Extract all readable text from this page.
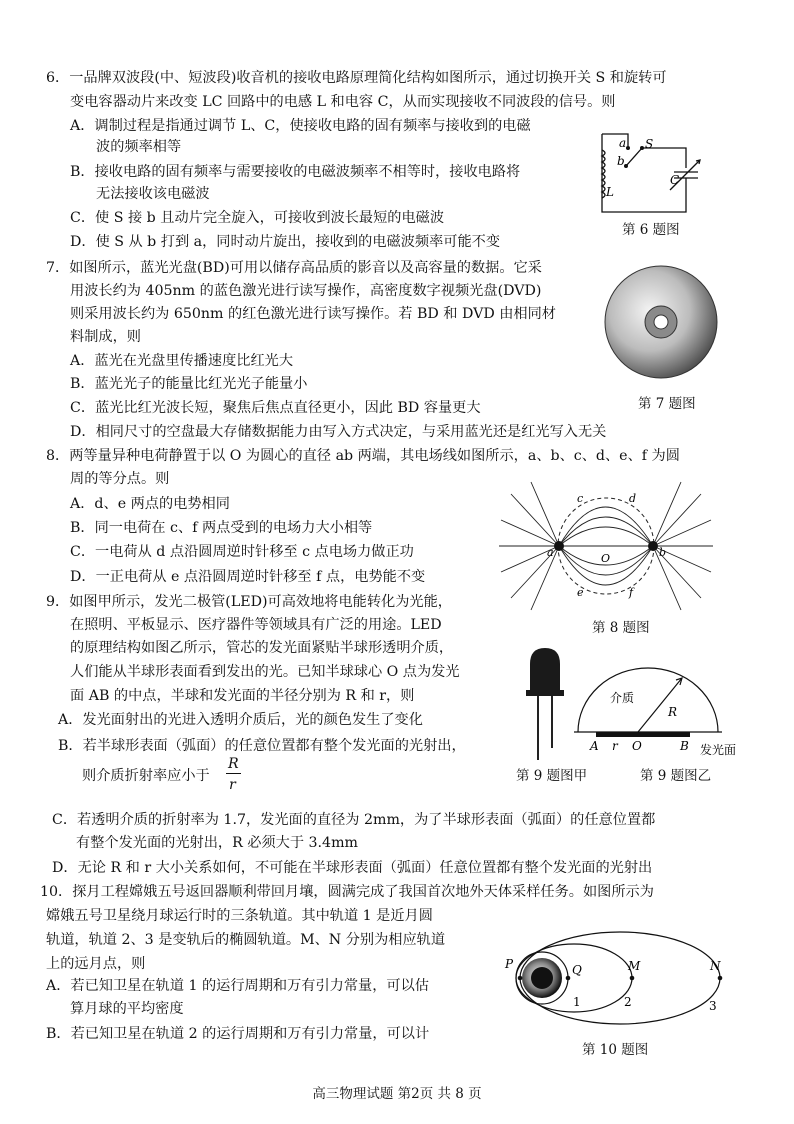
6．一品牌双波段(中、短波段)收音机的接收电路原理简化结构如图所示，通过切换开关 S 和旋转可
变电容器动片来改变 LC 回路中的电感 L 和电容 C，从而实现接收不同波段的信号。则
A．调制过程是指通过调节 L、C，使接收电路的固有频率与接收到的电磁
波的频率相等
B．接收电路的固有频率与需要接收的电磁波频率不相等时，接收电路将
无法接收该电磁波
C．使 S 接 b 且动片完全旋入，可接收到波长最短的电磁波
D．使 S 从 b 打到 a，同时动片旋出，接收到的电磁波频率可能不变
a
b
S
C
L
第 6 题图
7．如图所示，蓝光光盘(BD)可用以储存高品质的影音以及高容量的数据。它采
用波长约为 405nm 的蓝色激光进行读写操作，高密度数字视频光盘(DVD)
则采用波长约为 650nm 的红色激光进行读写操作。若 BD 和 DVD 由相同材
料制成，则
A．蓝光在光盘里传播速度比红光大
B．蓝光光子的能量比红光光子能量小
C．蓝光比红光波长短，聚焦后焦点直径更小，因此 BD 容量更大
D．相同尺寸的空盘最大存储数据能力由写入方式决定，与采用蓝光还是红光写入无关
第 7 题图
8．两等量异种电荷静置于以 O 为圆心的直径 ab 两端，其电场线如图所示，a、b、c、d、e、f 为圆
周的等分点。则
A．d、e 两点的电势相同
B．同一电荷在 c、f 两点受到的电场力大小相等
C．一电荷从 d 点沿圆周逆时针移至 c 点电场力做正功
D．一正电荷从 e 点沿圆周逆时针移至 f 点，电势能不变
a	b
c	d
e	f
O
第 8 题图
9．如图甲所示，发光二极管(LED)可高效地将电能转化为光能，
在照明、平板显示、医疗器件等领域具有广泛的用途。LED
的原理结构如图乙所示，管芯的发光面紧贴半球形透明介质，
人们能从半球形表面看到发出的光。已知半球球心 O 点为发光
面 AB 的中点，半球和发光面的半径分别为 R 和 r，则
A．发光面射出的光进入透明介质后，光的颜色发生了变化
B．若半球形表面（弧面）的任意位置都有整个发光面的光射出，
则介质折射率应小于
R
r
C．若透明介质的折射率为 1.7，发光面的直径为 2mm，为了半球形表面（弧面）的任意位置都
有整个发光面的光射出，R 必须大于 3.4mm
D．无论 R 和 r 大小关系如何，不可能在半球形表面（弧面）任意位置都有整个发光面的光射出
介质
R
A r O	B 发光面
第 9 题图甲	第 9 题图乙
10．探月工程嫦娥五号返回器顺利带回月壤，圆满完成了我国首次地外天体采样任务。如图所示为
嫦娥五号卫星绕月球运行时的三条轨道。其中轨道 1 是近月圆
轨道，轨道 2、3 是变轨后的椭圆轨道。M、N 分别为相应轨道
上的远月点，则
A．若已知卫星在轨道 1 的运行周期和万有引力常量，可以估
算月球的平均密度
B．若已知卫星在轨道 2 的运行周期和万有引力常量，可以计
P	Q	M	N
1	2	3
第 10 题图
高三物理试题 第2页 共 8 页
